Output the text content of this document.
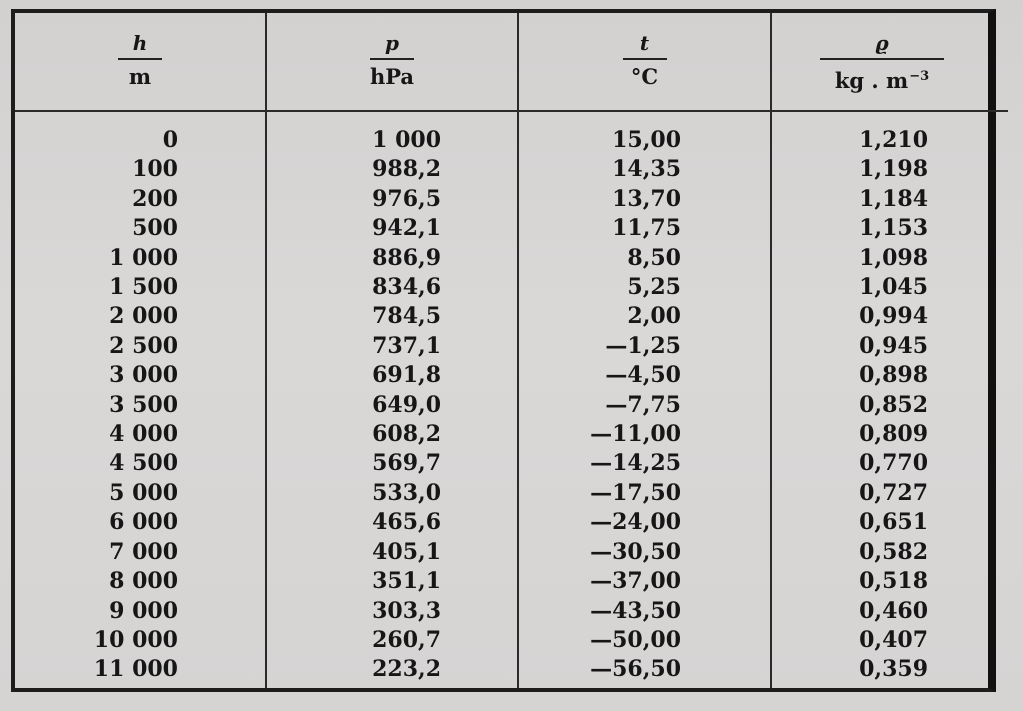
h
m
p
hPa
t
°C
ϱ
kg . $m^{-3}$
0
100
200
500
1 000
1 500
2 000
2 500
3 000
3 500
4 000
4 500
5 000
6 000
7 000
8 000
9 000
10 000
11 000
1 000
988,2
976,5
942,1
886,9
834,6
784,5
737,1
691,8
649,0
608,2
569,7
533,0
465,6
405,1
351,1
303,3
260,7
223,2
15,00
14,35
13,70
11,75
8,50
5,25
2,00
—1,25
—4,50
—7,75
—11,00
—14,25
—17,50
—24,00
—30,50
—37,00
—43,50
—50,00
—56,50
1,210
1,198
1,184
1,153
1,098
1,045
0,994
0,945
0,898
0,852
0,809
0,770
0,727
0,651
0,582
0,518
0,460
0,407
0,359
